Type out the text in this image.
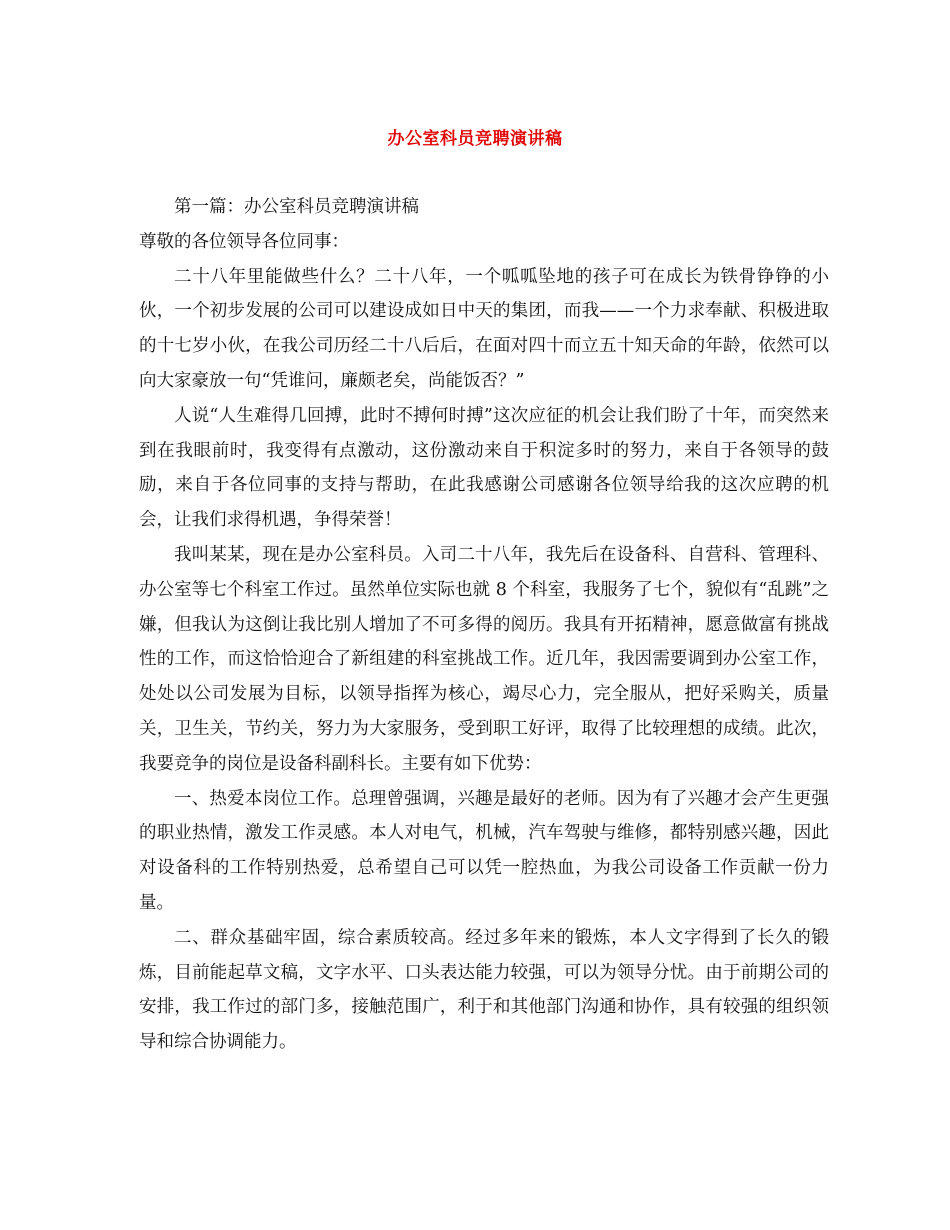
办公室科员竞聘演讲稿

第一篇：办公室科员竞聘演讲稿

尊敬的各位领导各位同事：

二十八年里能做些什么？二十八年，一个呱呱坠地的孩子可在成长为铁骨铮铮的小伙，一个初步发展的公司可以建设成如日中天的集团，而我——一个力求奉献、积极进取的十七岁小伙，在我公司历经二十八后后，在面对四十而立五十知天命的年龄，依然可以向大家豪放一句“凭谁问，廉颇老矣，尚能饭否？”

人说“人生难得几回搏，此时不搏何时搏”这次应征的机会让我们盼了十年，而突然来到在我眼前时，我变得有点激动，这份激动来自于积淀多时的努力，来自于各领导的鼓励，来自于各位同事的支持与帮助，在此我感谢公司感谢各位领导给我的这次应聘的机会，让我们求得机遇，争得荣誉！

我叫某某，现在是办公室科员。入司二十八年，我先后在设备科、自营科、管理科、办公室等七个科室工作过。虽然单位实际也就 8 个科室，我服务了七个，貌似有“乱跳”之嫌，但我认为这倒让我比别人增加了不可多得的阅历。我具有开拓精神，愿意做富有挑战性的工作，而这恰恰迎合了新组建的科室挑战工作。近几年，我因需要调到办公室工作，处处以公司发展为目标，以领导指挥为核心，竭尽心力，完全服从，把好采购关，质量关，卫生关，节约关，努力为大家服务，受到职工好评，取得了比较理想的成绩。此次，我要竞争的岗位是设备科副科长。主要有如下优势：

一、热爱本岗位工作。总理曾强调，兴趣是最好的老师。因为有了兴趣才会产生更强的职业热情，激发工作灵感。本人对电气，机械，汽车驾驶与维修，都特别感兴趣，因此对设备科的工作特别热爱，总希望自己可以凭一腔热血，为我公司设备工作贡献一份力量。

二、群众基础牢固，综合素质较高。经过多年来的锻炼，本人文字得到了长久的锻炼，目前能起草文稿，文字水平、口头表达能力较强，可以为领导分忧。由于前期公司的安排，我工作过的部门多，接触范围广，利于和其他部门沟通和协作，具有较强的组织领导和综合协调能力。
